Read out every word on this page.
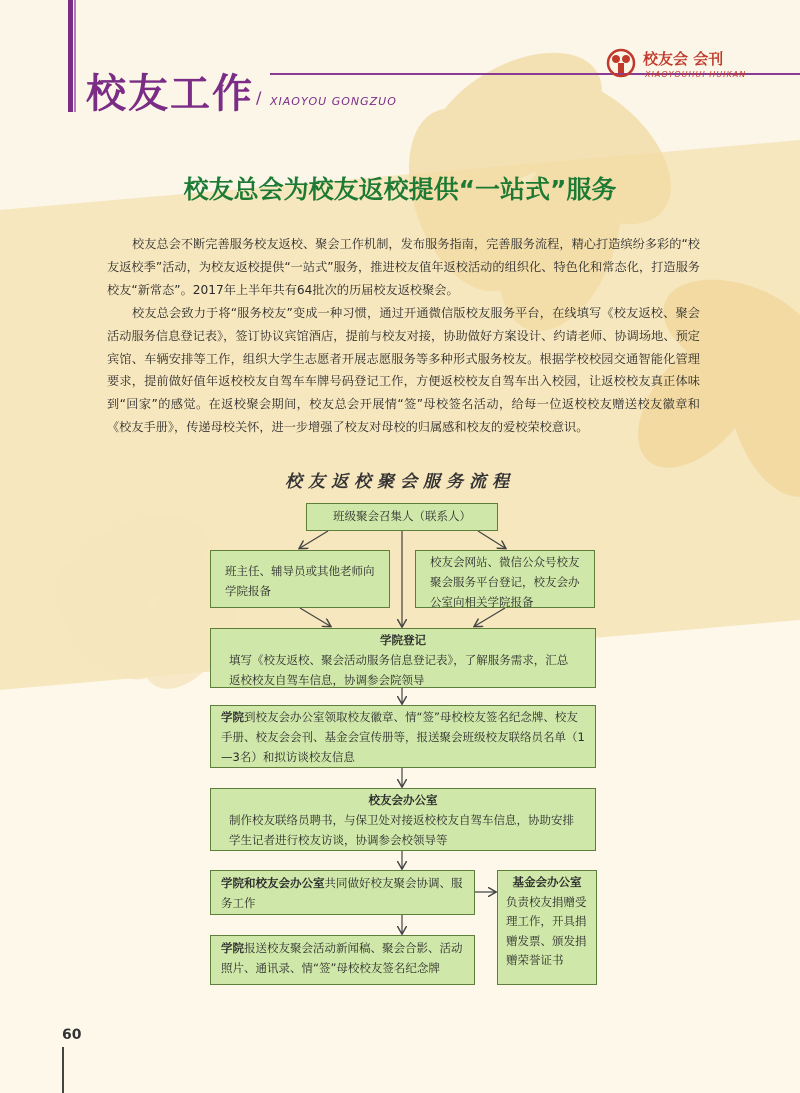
校友工作 / XIAOYOU GONGZUO
校友会 会刊
XIAOYOUHUI HUIKAN
校友总会为校友返校提供“一站式”服务

校友总会不断完善服务校友返校、聚会工作机制，发布服务指南，完善服务流程，精心打造缤纷多彩的“校友返校季”活动，为校友返校提供“一站式”服务，推进校友值年返校活动的组织化、特色化和常态化，打造服务校友“新常态”。2017年上半年共有64批次的历届校友返校聚会。

校友总会致力于将“服务校友”变成一种习惯，通过开通微信版校友服务平台，在线填写《校友返校、聚会活动服务信息登记表》，签订协议宾馆酒店，提前与校友对接，协助做好方案设计、约请老师、协调场地、预定宾馆、车辆安排等工作，组织大学生志愿者开展志愿服务等多种形式服务校友。根据学校校园交通智能化管理要求，提前做好值年返校校友自驾车车牌号码登记工作，方便返校校友自驾车出入校园，让返校校友真正体味到“回家”的感觉。在返校聚会期间，校友总会开展情“签”母校签名活动，给每一位返校校友赠送校友徽章和《校友手册》，传递母校关怀，进一步增强了校友对母校的归属感和校友的爱校荣校意识。

校友返校聚会服务流程
班级聚会召集人（联系人）
班主任、辅导员或其他老师向学院报备
校友会网站、微信公众号校友聚会服务平台登记，校友会办公室向相关学院报备
学院登记
填写《校友返校、聚会活动服务信息登记表》，了解服务需求，汇总返校校友自驾车信息，协调参会院领导
学院到校友会办公室领取校友徽章、情“签”母校校友签名纪念牌、校友手册、校友会会刊、基金会宣传册等，报送聚会班级校友联络员名单（1—3名）和拟访谈校友信息
校友会办公室
制作校友联络员聘书，与保卫处对接返校校友自驾车信息，协助安排学生记者进行校友访谈，协调参会校领导等
学院和校友会办公室共同做好校友聚会协调、服务工作
基金会办公室
负责校友捐赠受理工作，开具捐赠发票、颁发捐赠荣誉证书
学院报送校友聚会活动新闻稿、聚会合影、活动照片、通讯录、情“签”母校校友签名纪念牌
60
